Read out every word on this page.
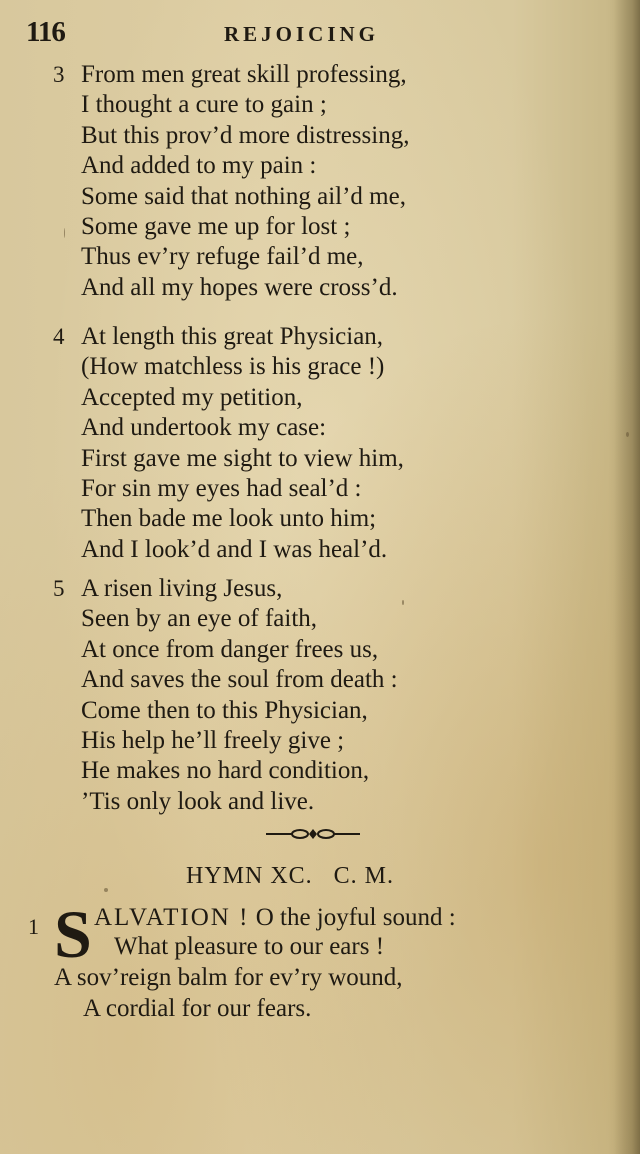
116	REJOICING
3 From men great skill professing,
I thought a cure to gain ;
But this prov’d more distressing,
And added to my pain :
Some said that nothing ail’d me,
Some gave me up for lost ;
Thus ev’ry refuge fail’d me,
And all my hopes were cross’d.
4 At length this great Physician,
(How matchless is his grace !)
Accepted my petition,
And undertook my case:
First gave me sight to view him,
For sin my eyes had seal’d :
Then bade me look unto him;
And I look’d and I was heal’d.
5 A risen living Jesus,
Seen by an eye of faith,
At once from danger frees us,
And saves the soul from death :
Come then to this Physician,
His help he’ll freely give ;
He makes no hard condition,
’Tis only look and live.
HYMN XC.   C. M.
1 S ALVATION ! O the joyful sound :
What pleasure to our ears !
A sov’reign balm for ev’ry wound,
A cordial for our fears.
